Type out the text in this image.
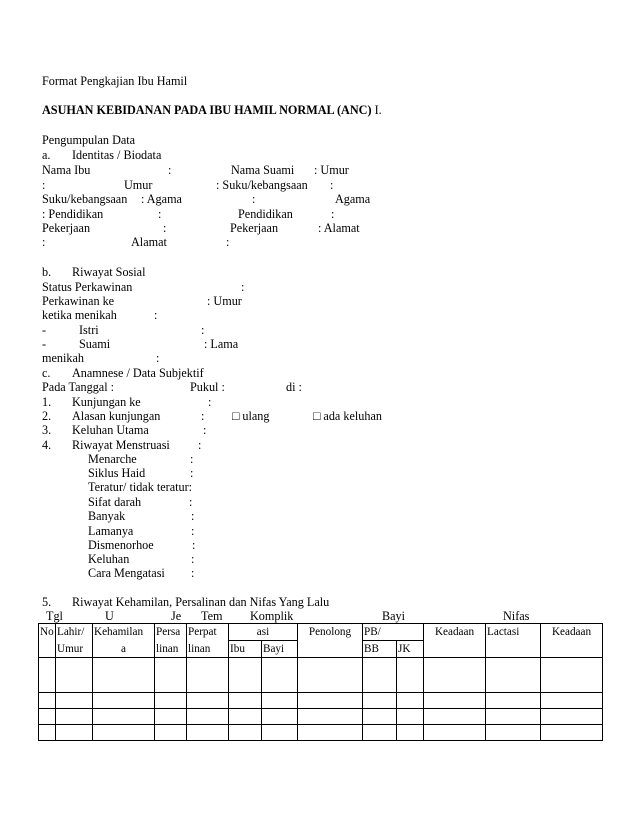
Format Pengkajian Ibu Hamil
ASUHAN KEBIDANAN PADA IBU HAMIL NORMAL (ANC) I.
Pengumpulan Data
a. Identitas / Biodata
Nama Ibu	:	Nama Suami : Umur
:	Umur	: Suku/kebangsaan :
Suku/kebangsaan : Agama	:	Agama
: Pendidikan	:	Pendidikan	:
Pekerjaan	:	Pekerjaan	: Alamat
:	Alamat	:
b. Riwayat Sosial
Status Perkawinan	:
Perkawinan ke	: Umur
ketika menikah	:
-	Istri	:
-	Suami	: Lama
menikah	:
c. Anamnese / Data Subjektif
Pada Tanggal :	Pukul :	di :
1. Kunjungan ke	:
2. Alasan kunjungan	: □ ulang	□ ada keluhan
3. Keluhan Utama	:
4. Riwayat Menstruasi :
Menarche	:
Siklus Haid	:
Teratur/ tidak teratur:
Sifat darah	:
Banyak	:
Lamanya	:
Dismenorhoe	:
Keluhan	:
Cara Mengatasi :
5. Riwayat Kehamilan, Persalinan dan Nifas Yang Lalu
Tgl	U	Je Tem Komplik	Bayi	Nifas
No	Lahir/	Kehamilan	Persa	Perpat	asi		Penolong	PB/		Keadaan	Lactasi	Keadaan
	Umur	a	linan	linan	Ibu	Bayi		BB	JK			
